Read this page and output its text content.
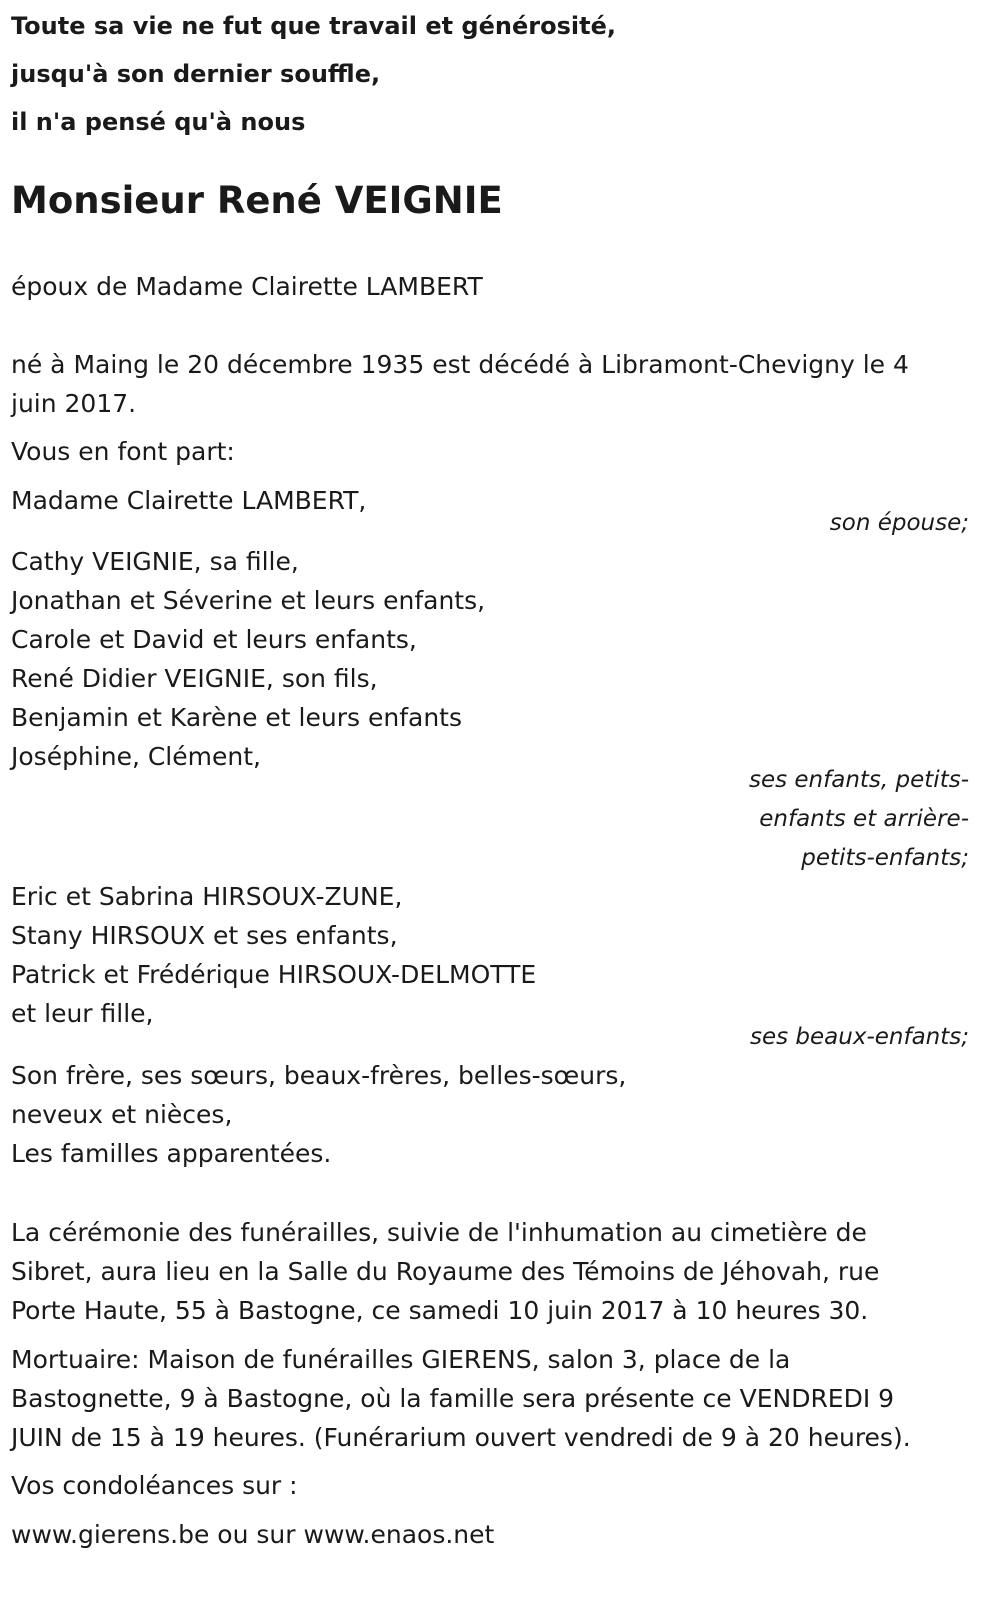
Toute sa vie ne fut que travail et générosité,
jusqu'à son dernier souffle,
il n'a pensé qu'à nous
Monsieur René VEIGNIE
époux de Madame Clairette LAMBERT
né à Maing le 20 décembre 1935 est décédé à Libramont-Chevigny le 4
juin 2017.
Vous en font part:
Madame Clairette LAMBERT,
son épouse;
Cathy VEIGNIE, sa fille,
Jonathan et Séverine et leurs enfants,
Carole et David et leurs enfants,
René Didier VEIGNIE, son fils,
Benjamin et Karène et leurs enfants
Joséphine, Clément,
ses enfants, petits-
enfants et arrière-
petits-enfants;
Eric et Sabrina HIRSOUX-ZUNE,
Stany HIRSOUX et ses enfants,
Patrick et Frédérique HIRSOUX-DELMOTTE
et leur fille,
ses beaux-enfants;
Son frère, ses sœurs, beaux-frères, belles-sœurs,
neveux et nièces,
Les familles apparentées.
La cérémonie des funérailles, suivie de l'inhumation au cimetière de
Sibret, aura lieu en la Salle du Royaume des Témoins de Jéhovah, rue
Porte Haute, 55 à Bastogne, ce samedi 10 juin 2017 à 10 heures 30.
Mortuaire: Maison de funérailles GIERENS, salon 3, place de la
Bastognette, 9 à Bastogne, où la famille sera présente ce VENDREDI 9
JUIN de 15 à 19 heures. (Funérarium ouvert vendredi de 9 à 20 heures).
Vos condoléances sur :
www.gierens.be ou sur www.enaos.net
